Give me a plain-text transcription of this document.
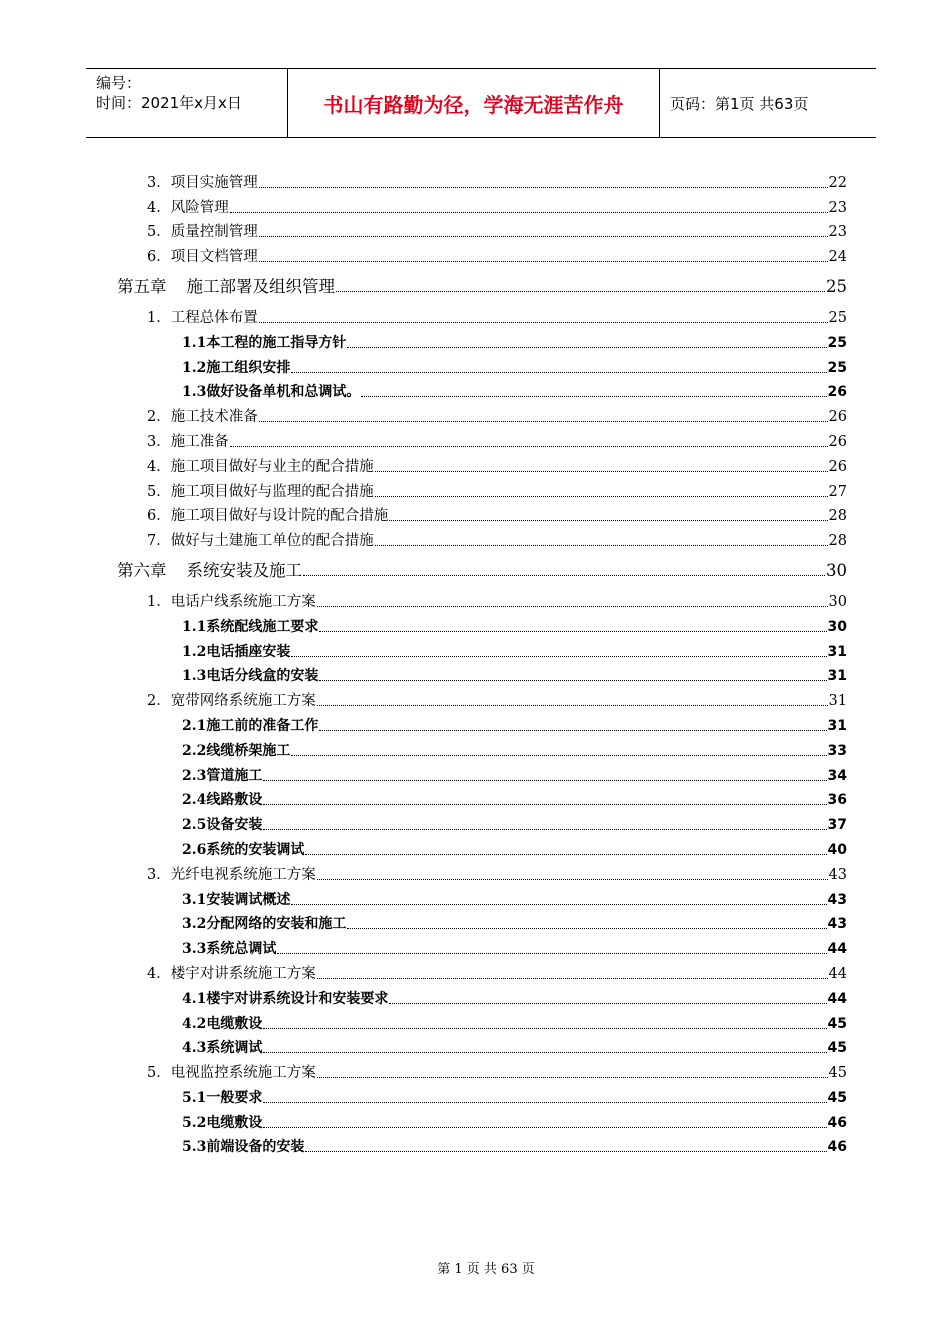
编号：
时间：2021年x月x日	书山有路勤为径，学海无涯苦作舟	页码：第1页 共63页
3．项目实施管理	22
4．风险管理	23
5．质量控制管理	23
6．项目文档管理	24
第五章 施工部署及组织管理	25
1．工程总体布置	25
1.1本工程的施工指导方针	25
1.2施工组织安排	25
1.3做好设备单机和总调试。	26
2．施工技术准备	26
3．施工准备	26
4．施工项目做好与业主的配合措施	26
5．施工项目做好与监理的配合措施	27
6．施工项目做好与设计院的配合措施	28
7．做好与土建施工单位的配合措施	28
第六章 系统安装及施工	30
1．电话户线系统施工方案	30
1.1系统配线施工要求	30
1.2电话插座安装	31
1.3电话分线盒的安装	31
2．宽带网络系统施工方案	31
2.1施工前的准备工作	31
2.2线缆桥架施工	33
2.3管道施工	34
2.4线路敷设	36
2.5设备安装	37
2.6系统的安装调试	40
3．光纤电视系统施工方案	43
3.1安装调试概述	43
3.2分配网络的安装和施工	43
3.3系统总调试	44
4．楼宇对讲系统施工方案	44
4.1楼宇对讲系统设计和安装要求	44
4.2电缆敷设	45
4.3系统调试	45
5．电视监控系统施工方案	45
5.1一般要求	45
5.2电缆敷设	46
5.3前端设备的安装	46
第 1 页 共 63 页
